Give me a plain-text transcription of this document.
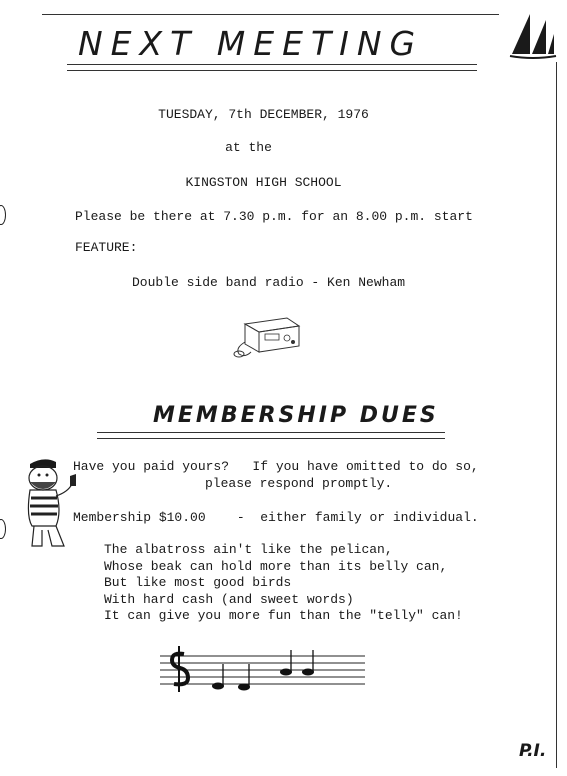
NEXT MEETING
TUESDAY, 7th DECEMBER, 1976
at the
KINGSTON HIGH SCHOOL
Please be there at 7.30 p.m. for an 8.00 p.m. start
FEATURE:
Double side band radio - Ken Newham
MEMBERSHIP DUES
Have you paid yours?   If you have omitted to do so,
please respond promptly.
Membership $10.00    -  either family or individual.
The albatross ain't like the pelican,
Whose beak can hold more than its belly can,
But like most good birds
With hard cash (and sweet words)
It can give you more fun than the "telly" can!
P.I.
